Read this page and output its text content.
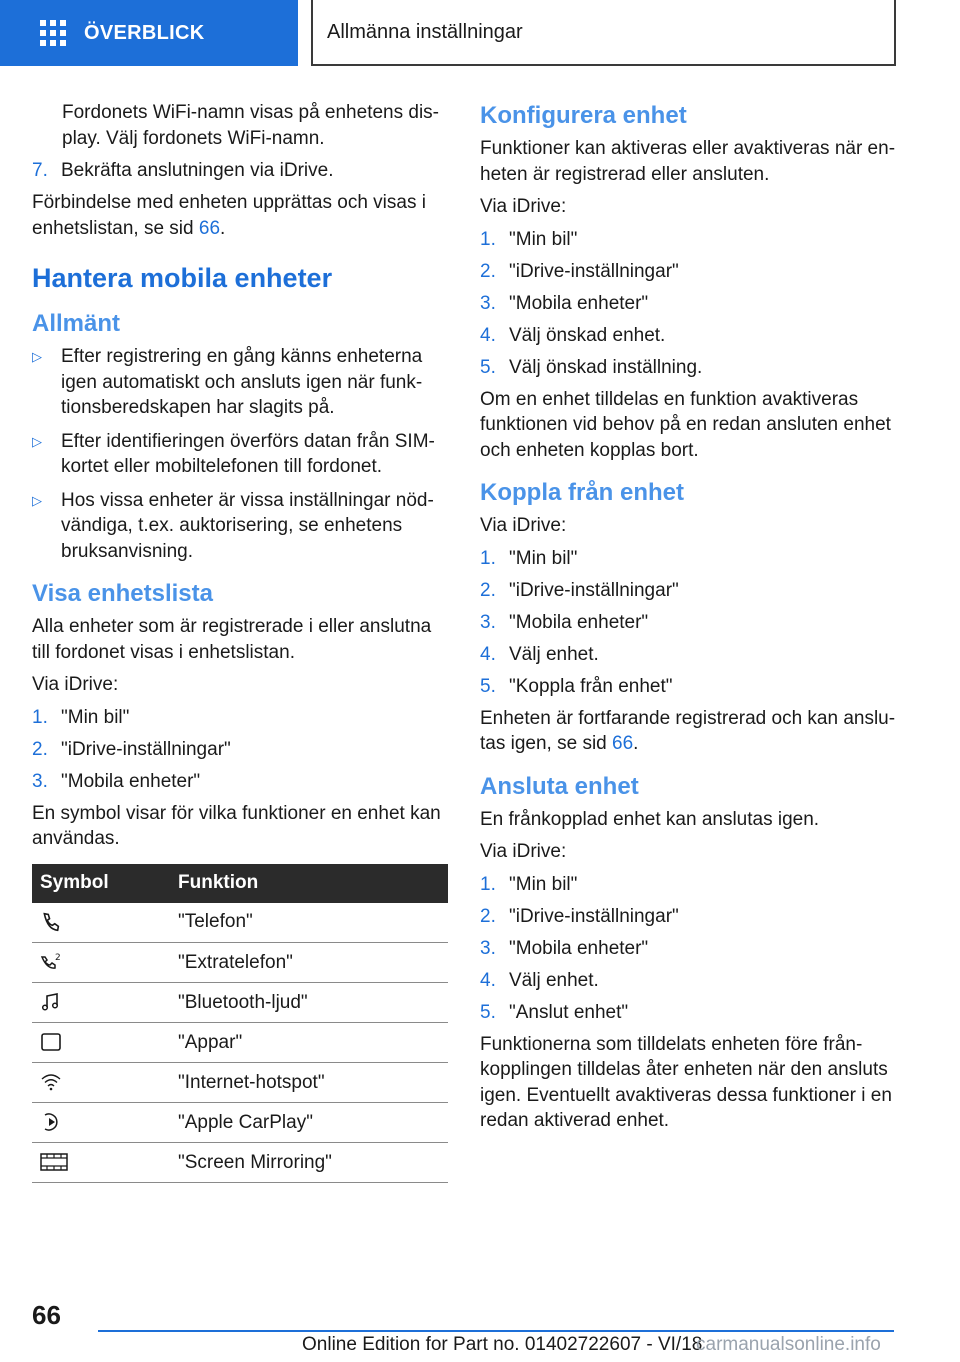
ÖVERBLICK	Allmänna inställningar

Fordonets WiFi-namn visas på enhetens display. Välj fordonets WiFi-namn.

7. Bekräfta anslutningen via iDrive.

Förbindelse med enheten upprättas och visas i enhetslistan, se sid 66.

Hantera mobila enheter
Allmänt
▷	Efter registrering en gång känns enheterna igen automatiskt och ansluts igen när funktionsberedskapen har slagits på.
▷	Efter identifieringen överförs datan från SIM-kortet eller mobiltelefonen till fordonet.
▷	Hos vissa enheter är vissa inställningar nödvändiga, t.ex. auktorisering, se enhetens bruksanvisning.
Visa enhetslista

Alla enheter som är registrerade i eller anslutna till fordonet visas i enhetslistan.

Via iDrive:

1. "Min bil"
2. "iDrive-inställningar"
3. "Mobila enheter"

En symbol visar för vilka funktioner en enhet kan användas.

Symbol	Funktion
	"Telefon"

2	"Extratelefon"
	"Bluetooth-ljud"
	"Appar"
	"Internet-hotspot"
	"Apple CarPlay"
	"Screen Mirroring"
Konfigurera enhet

Funktioner kan aktiveras eller avaktiveras när enheten är registrerad eller ansluten.

Via iDrive:

1. "Min bil"
2. "iDrive-inställningar"
3. "Mobila enheter"
4. Välj önskad enhet.
5. Välj önskad inställning.

Om en enhet tilldelas en funktion avaktiveras funktionen vid behov på en redan ansluten enhet och enheten kopplas bort.

Koppla från enhet

Via iDrive:

1. "Min bil"
2. "iDrive-inställningar"
3. "Mobila enheter"
4. Välj enhet.
5. "Koppla från enhet"

Enheten är fortfarande registrerad och kan anslutas igen, se sid 66.

Ansluta enhet

En frånkopplad enhet kan anslutas igen.

Via iDrive:

1. "Min bil"
2. "iDrive-inställningar"
3. "Mobila enheter"
4. Välj enhet.
5. "Anslut enhet"

Funktionerna som tilldelats enheten före frånkopplingen tilldelas åter enheten när den ansluts igen. Eventuellt avaktiveras dessa funktioner i en redan aktiverad enhet.

66
Online Edition for Part no. 01402722607 - VI/18
carmanualsonline.info
